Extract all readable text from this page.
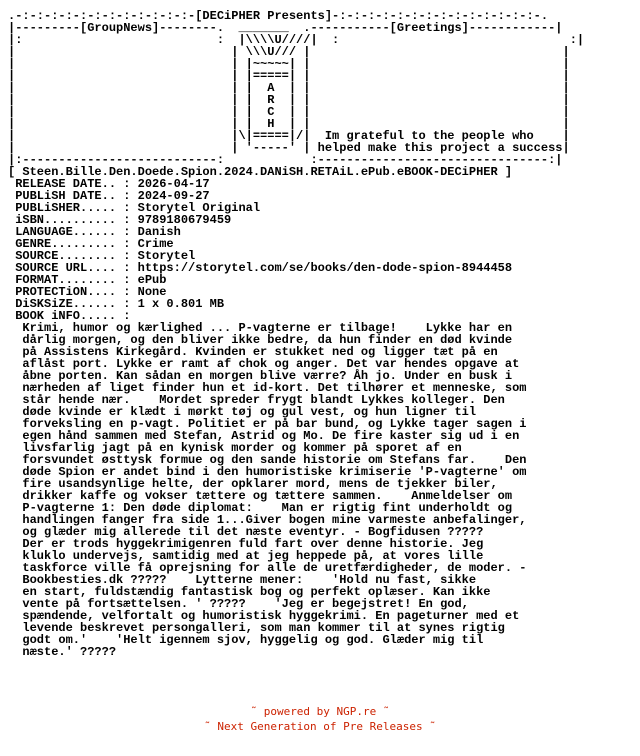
.-:-:-:-:-:-:-:-:-:-:-:-:-[DECiPHER Presents]-:-:-:-:-:-:-:-:-:-:-:-:-:-:-.
|---------[GroupNews]--------.  _______  .-----------[Greetings]------------|
|:                           :  |\\\\U////|  :                                :|
|                              | \\\U/// |                                   |
|                              | |~~~~~| |                                   |
|                              | |=====| |                                   |
|                              | |  A  | |                                   |
|                              | |  R  | |                                   |
|                              | |  C  | |                                   |
|                              | |  H  | |                                   |
|                              |\|=====|/|  Im grateful to the people who    |
|                              | '-----' | helped make this project a success|
|:---------------------------:            :--------------------------------:|
[ Steen.Bille.Den.Doede.Spion.2024.DANiSH.RETAiL.ePub.eBOOK-DECiPHER ]
RELEASE DATE.. : 2026-04-17
PUBLiSH DATE.. : 2024-09-27
PUBLiSHER..... : Storytel Original
iSBN.......... : 9789180679459
LANGUAGE...... : Danish
GENRE......... : Crime
SOURCE........ : Storytel
SOURCE URL.... : https://storytel.com/se/books/den-dode-spion-8944458
FORMAT........ : ePub
PROTECTiON.... : None
DiSKSiZE...... : 1 x 0.801 MB
BOOK iNFO..... :
Krimi, humor og kærlighed ... P-vagterne er tilbage!    Lykke har en
dårlig morgen, og den bliver ikke bedre, da hun finder en død kvinde
på Assistens Kirkegård. Kvinden er stukket ned og ligger tæt på en
aflåst port. Lykke er ramt af chok og anger. Det var hendes opgave at
åbne porten. Kan sådan en morgen blive værre? Åh jo. Under en busk i
nærheden af liget finder hun et id-kort. Det tilhører et menneske, som
står hende nær.    Mordet spreder frygt blandt Lykkes kolleger. Den
døde kvinde er klædt i mørkt tøj og gul vest, og hun ligner til
forveksling en p-vagt. Politiet er på bar bund, og Lykke tager sagen i
egen hånd sammen med Stefan, Astrid og Mo. De fire kaster sig ud i en
livsfarlig jagt på en kynisk morder og kommer på sporet af en
forsvundet østtysk formue og den sande historie om Stefans far.    Den
døde Spion er andet bind i den humoristiske krimiserie 'P-vagterne' om
fire usandsynlige helte, der opklarer mord, mens de tjekker biler,
drikker kaffe og vokser tættere og tættere sammen.    Anmeldelser om
P-vagterne 1: Den døde diplomat:    Man er rigtig fint underholdt og
handlingen fanger fra side 1...Giver bogen mine varmeste anbefalinger,
og glæder mig allerede til det næste eventyr. - Bogfidusen ?????
Der er trods hyggekrimigenren fuld fart over denne historie. Jeg
kluklo undervejs, samtidig med at jeg heppede på, at vores lille
taskforce ville få oprejsning for alle de uretfærdigheder, de moder. -
Bookbesties.dk ?????    Lytterne mener:    'Hold nu fast, sikke
en start, fuldstændig fantastisk bog og perfekt oplæser. Kan ikke
vente på fortsættelsen. ' ?????    'Jeg er begejstret! En god,
spændende, velfortalt og humoristisk hyggekrimi. En pageturner med et
levende beskrevet persongalleri, som man kommer til at synes rigtig
godt om.'    'Helt igennem sjov, hyggelig og god. Glæder mig til
næste.' ?????
˜ powered by NGP.re ˜
˜ Next Generation of Pre Releases ˜
